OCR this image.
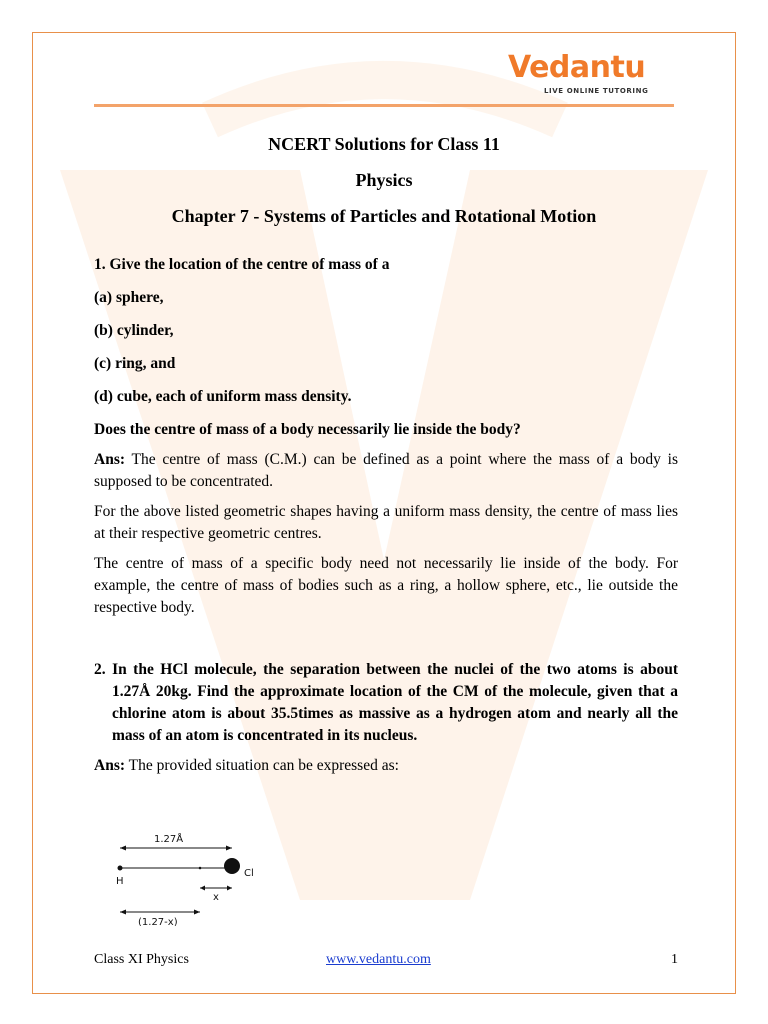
Vedantu
LIVE ONLINE TUTORING
NCERT Solutions for Class 11
Physics
Chapter 7 - Systems of Particles and Rotational Motion
1. Give the location of the centre of mass of a
(a) sphere,
(b) cylinder,
(c) ring, and
(d) cube, each of uniform mass density.
Does the centre of mass of a body necessarily lie inside the body?
Ans: The centre of mass (C.M.) can be defined as a point where the mass of a body is supposed to be concentrated.
For the above listed geometric shapes having a uniform mass density, the centre of mass lies at their respective geometric centres.
The centre of mass of a specific body need not necessarily lie inside of the body. For example, the centre of mass of bodies such as a ring, a hollow sphere, etc., lie outside the respective body.
2. In the HCl molecule, the separation between the nuclei of the two atoms is about 1.27Å 20kg. Find the approximate location of the CM of the molecule, given that a chlorine atom is about 35.5times as massive as a hydrogen atom and nearly all the mass of an atom is concentrated in its nucleus.
Ans: The provided situation can be expressed as:
1.27Å
H
Cl
x
(1.27-x)
Class XI Physics	www.vedantu.com	1
